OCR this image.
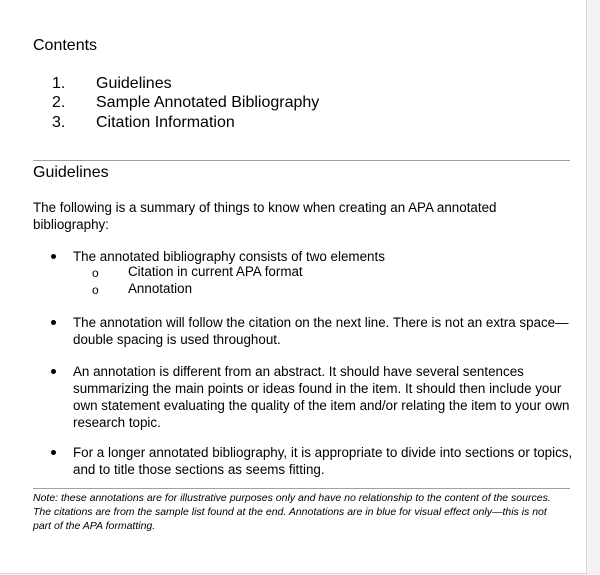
Contents
1. Guidelines
2. Sample Annotated Bibliography
3. Citation Information
Guidelines
The following is a summary of things to know when creating an APA annotated bibliography:
The annotated bibliography consists of two elements
o Citation in current APA format
o Annotation
The annotation will follow the citation on the next line. There is not an extra space—double spacing is used throughout.
An annotation is different from an abstract. It should have several sentences summarizing the main points or ideas found in the item. It should then include your own statement evaluating the quality of the item and/or relating the item to your own research topic.
For a longer annotated bibliography, it is appropriate to divide into sections or topics, and to title those sections as seems fitting.
Note: these annotations are for illustrative purposes only and have no relationship to the content of the sources. The citations are from the sample list found at the end. Annotations are in blue for visual effect only—this is not part of the APA formatting.
